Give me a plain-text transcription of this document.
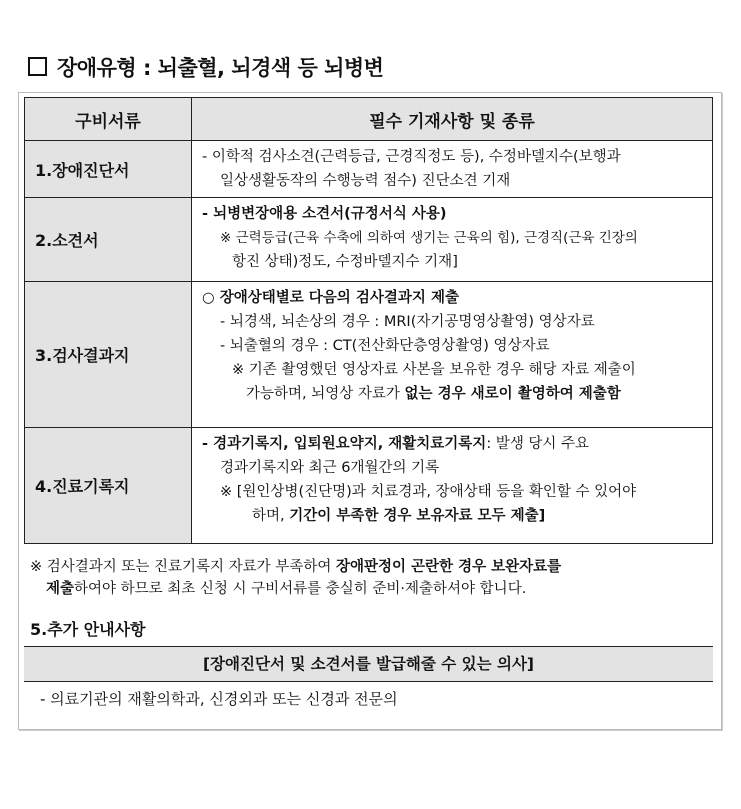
장애유형 : 뇌출혈, 뇌경색 등 뇌병변
구비서류	필수 기재사항 및 종류
1.장애진단서	- 이학적 검사소견(근력등급, 근경직정도 등), 수정바델지수(보행과
일상생활동작의 수행능력 점수) 진단소견 기재

2.소견서	- 뇌병변장애용 소견서(규정서식 사용)
※ 근력등급(근육 수축에 의하여 생기는 근육의 힘), 근경직(근육 긴장의
항진 상태)정도, 수정바델지수 기재]

3.검사결과지	○ 장애상태별로 다음의 검사결과지 제출
- 뇌경색, 뇌손상의 경우 : MRI(자기공명영상촬영) 영상자료
- 뇌출혈의 경우 : CT(전산화단층영상촬영) 영상자료
※ 기존 촬영했던 영상자료 사본을 보유한 경우 해당 자료 제출이
가능하며, 뇌영상 자료가 없는 경우 새로이 촬영하여 제출함

4.진료기록지	- 경과기록지, 입퇴원요약지, 재활치료기록지: 발생 당시 주요
경과기록지와 최근 6개월간의 기록
※ [원인상병(진단명)과 치료경과, 장애상태 등을 확인할 수 있어야
하며, 기간이 부족한 경우 보유자료 모두 제출]
※ 검사결과지 또는 진료기록지 자료가 부족하여 장애판정이 곤란한 경우 보완자료를
제출하여야 하므로 최초 신청 시 구비서류를 충실히 준비·제출하셔야 합니다.
5.추가 안내사항
[장애진단서 및 소견서를 발급해줄 수 있는 의사]
- 의료기관의 재활의학과, 신경외과 또는 신경과 전문의
